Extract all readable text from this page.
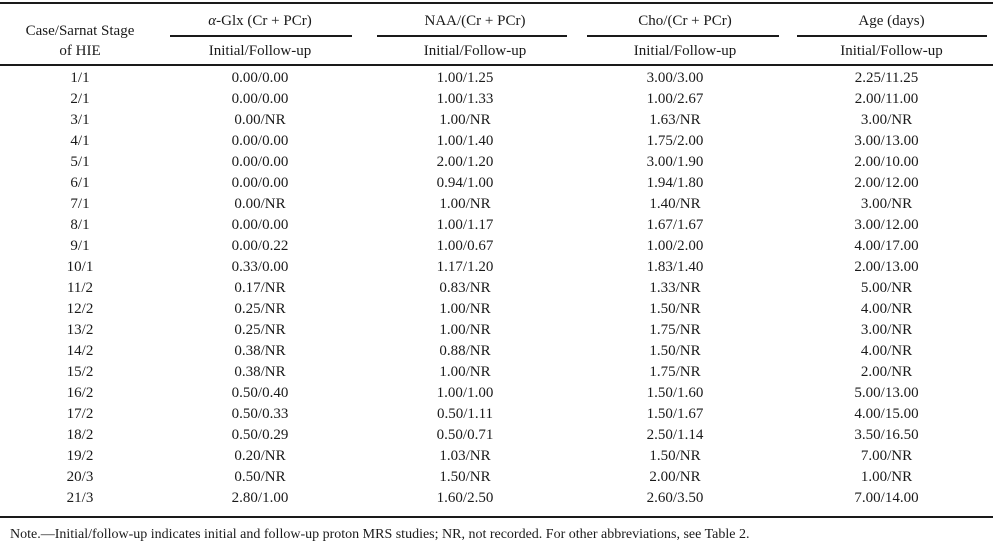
Case/Sarnat Stage
of HIE
α-Glx (Cr + PCr)	NAA/(Cr + PCr)	Cho/(Cr + PCr)	Age (days)
Initial/Follow-up	Initial/Follow-up	Initial/Follow-up	Initial/Follow-up
1/1	0.00/0.00	1.00/1.25	3.00/3.00	2.25/11.25
2/1	0.00/0.00	1.00/1.33	1.00/2.67	2.00/11.00
3/1	0.00/NR	1.00/NR	1.63/NR	3.00/NR
4/1	0.00/0.00	1.00/1.40	1.75/2.00	3.00/13.00
5/1	0.00/0.00	2.00/1.20	3.00/1.90	2.00/10.00
6/1	0.00/0.00	0.94/1.00	1.94/1.80	2.00/12.00
7/1	0.00/NR	1.00/NR	1.40/NR	3.00/NR
8/1	0.00/0.00	1.00/1.17	1.67/1.67	3.00/12.00
9/1	0.00/0.22	1.00/0.67	1.00/2.00	4.00/17.00
10/1	0.33/0.00	1.17/1.20	1.83/1.40	2.00/13.00
11/2	0.17/NR	0.83/NR	1.33/NR	5.00/NR
12/2	0.25/NR	1.00/NR	1.50/NR	4.00/NR
13/2	0.25/NR	1.00/NR	1.75/NR	3.00/NR
14/2	0.38/NR	0.88/NR	1.50/NR	4.00/NR
15/2	0.38/NR	1.00/NR	1.75/NR	2.00/NR
16/2	0.50/0.40	1.00/1.00	1.50/1.60	5.00/13.00
17/2	0.50/0.33	0.50/1.11	1.50/1.67	4.00/15.00
18/2	0.50/0.29	0.50/0.71	2.50/1.14	3.50/16.50
19/2	0.20/NR	1.03/NR	1.50/NR	7.00/NR
20/3	0.50/NR	1.50/NR	2.00/NR	1.00/NR
21/3	2.80/1.00	1.60/2.50	2.60/3.50	7.00/14.00
Note.—Initial/follow-up indicates initial and follow-up proton MRS studies; NR, not recorded. For other abbreviations, see Table 2.
